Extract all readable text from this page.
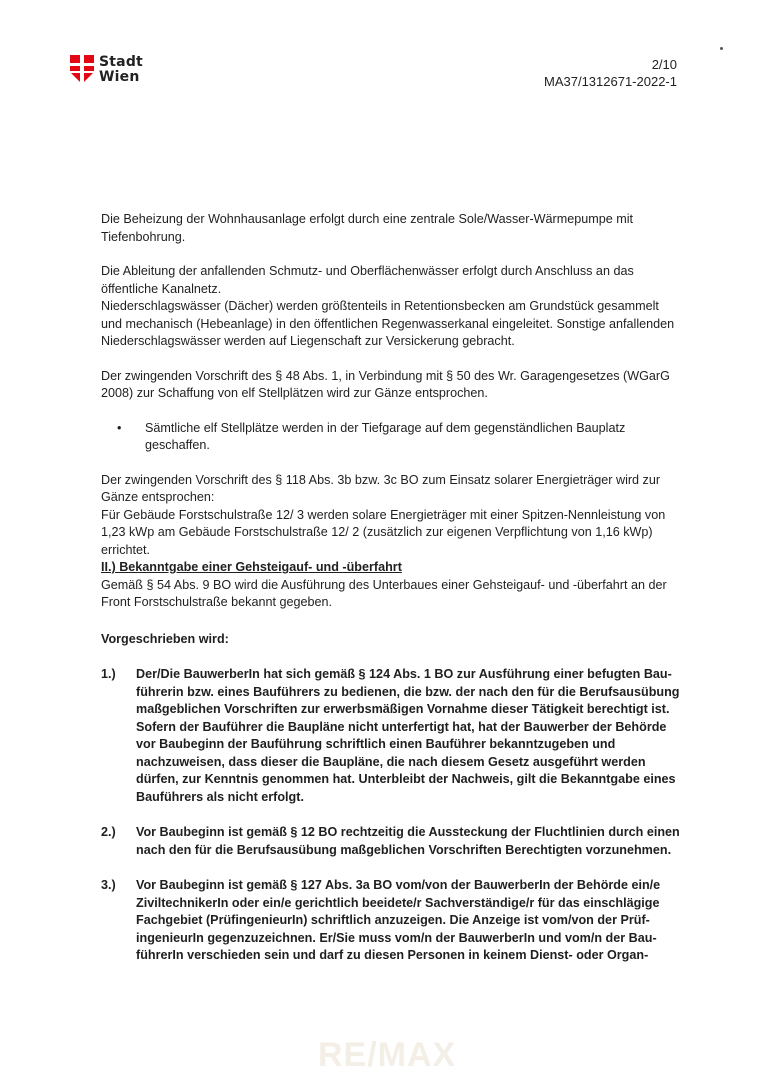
Stadt
Wien
2/10
MA37/1312671-2022-1

Die Beheizung der Wohnhausanlage erfolgt durch eine zentrale Sole/Wasser-Wärmepumpe mit Tiefenbohrung.

Die Ableitung der anfallenden Schmutz- und Oberflächenwässer erfolgt durch Anschluss an das öffentliche Kanalnetz.

Niederschlagswässer (Dächer) werden größtenteils in Retentionsbecken am Grundstück gesammelt und mechanisch (Hebeanlage) in den öffentlichen Regenwasserkanal eingeleitet. Sonstige anfallenden Niederschlagswässer werden auf Liegenschaft zur Versickerung gebracht.

Der zwingenden Vorschrift des § 48 Abs. 1, in Verbindung mit § 50 des Wr. Garagengesetzes (WGarG 2008) zur Schaffung von elf Stellplätzen wird zur Gänze entsprochen.

•	Sämtliche elf Stellplätze werden in der Tiefgarage auf dem gegenständlichen Bauplatz geschaffen.

Der zwingenden Vorschrift des § 118 Abs. 3b bzw. 3c BO zum Einsatz solarer Energieträger wird zur Gänze entsprochen:

Für Gebäude Forstschulstraße 12/ 3 werden solare Energieträger mit einer Spitzen-Nennleistung von 1,23 kWp am Gebäude Forstschulstraße 12/ 2 (zusätzlich zur eigenen Verpflichtung von 1,16 kWp) errichtet.

II.) Bekanntgabe einer Gehsteigauf- und -überfahrt

Gemäß § 54 Abs. 9 BO wird die Ausführung des Unterbaues einer Gehsteigauf- und -überfahrt an der Front Forstschulstraße bekannt gegeben.

Vorgeschrieben wird:

1.)	Der/Die BauwerberIn hat sich gemäß § 124 Abs. 1 BO zur Ausführung einer befugten Bau-führerin bzw. eines Bauführers zu bedienen, die bzw. der nach den für die Berufsausübung maßgeblichen Vorschriften zur erwerbsmäßigen Vornahme dieser Tätigkeit berechtigt ist. Sofern der Bauführer die Baupläne nicht unterfertigt hat, hat der Bauwerber der Behörde vor Baubeginn der Bauführung schriftlich einen Bauführer bekanntzugeben und nachzuweisen, dass dieser die Baupläne, die nach diesem Gesetz ausgeführt werden dürfen, zur Kenntnis genommen hat. Unterbleibt der Nachweis, gilt die Bekanntgabe eines Bauführers als nicht erfolgt.
2.)	Vor Baubeginn ist gemäß § 12 BO rechtzeitig die Aussteckung der Fluchtlinien durch einen nach den für die Berufsausübung maßgeblichen Vorschriften Berechtigten vorzunehmen.
3.)	Vor Baubeginn ist gemäß § 127 Abs. 3a BO vom/von der BauwerberIn der Behörde ein/e ZiviltechnikerIn oder ein/e gerichtlich beeidete/r Sachverständige/r für das einschlägige Fachgebiet (PrüfingenieurIn) schriftlich anzuzeigen. Die Anzeige ist vom/von der Prüf-ingenieurIn gegenzuzeichnen. Er/Sie muss vom/n der BauwerberIn und vom/n der Bau-führerIn verschieden sein und darf zu diesen Personen in keinem Dienst- oder Organ-
RE/MAX
